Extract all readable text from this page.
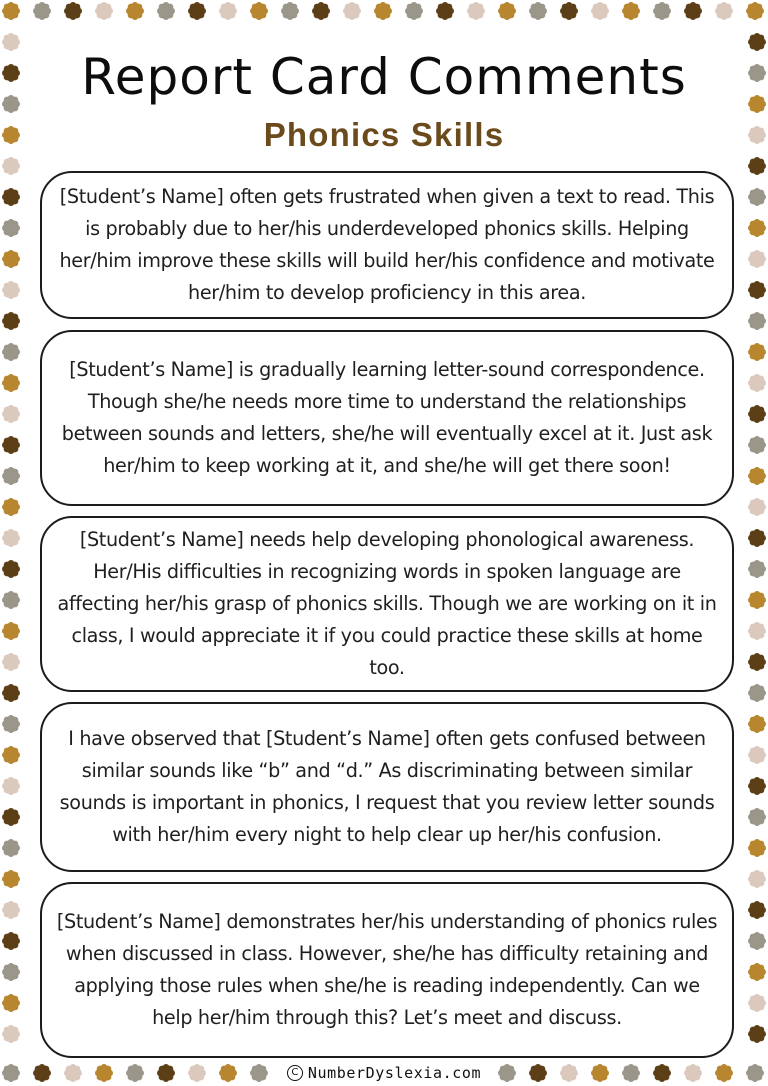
Report Card Comments
Phonics Skills

[Student’s Name] often gets frustrated when given a text to read. This is probably due to her/his underdeveloped phonics skills. Helping her/him improve these skills will build her/his confidence and motivate her/him to develop proficiency in this area.

[Student’s Name] is gradually learning letter-sound correspondence. Though she/he needs more time to understand the relationships between sounds and letters, she/he will eventually excel at it. Just ask her/him to keep working at it, and she/he will get there soon!

[Student’s Name] needs help developing phonological awareness. Her/His difficulties in recognizing words in spoken language are affecting her/his grasp of phonics skills. Though we are working on it in class, I would appreciate it if you could practice these skills at home too.

I have observed that [Student’s Name] often gets confused between similar sounds like “b” and “d.” As discriminating between similar sounds is important in phonics, I request that you review letter sounds with her/him every night to help clear up her/his confusion.

[Student’s Name] demonstrates her/his understanding of phonics rules when discussed in class. However, she/he has difficulty retaining and applying those rules when she/he is reading independently. Can we help her/him through this? Let’s meet and discuss.

C NumberDyslexia.com
